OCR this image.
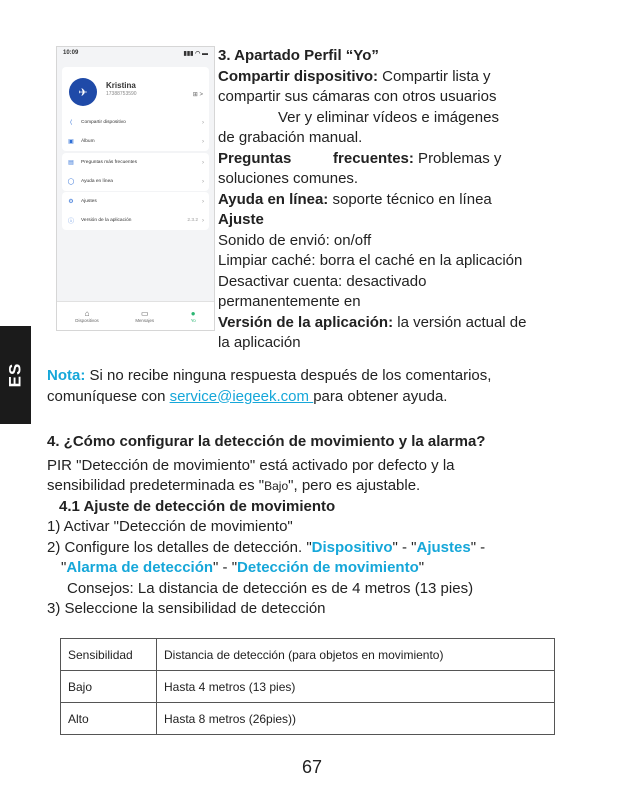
ES
10:09	▮▮▮ ◠ ▬
✈
Kristina
17388753590	⊞ >
⟨	Compartir dispositivo	›
▣ Álbum	›
▤ Preguntas más frecuentes	›
◯ Ayuda en línea	›
⚙ Ajustes	›
ⓘ Versión de la aplicación	2.3.2 ›
⌂
Dispositivos
▭
Mensajes
●
Yo

3. Apartado Perfil “Yo”

Compartir dispositivo: Compartir lista y

compartir sus cámaras con otros usuarios

Ver y eliminar vídeos e imágenes

de grabación manual.

Preguntas          frecuentes: Problemas y

soluciones comunes.

Ayuda en línea: soporte técnico en línea

Ajuste

Sonido de envió: on/off

Limpiar caché: borra el caché en la aplicación

Desactivar cuenta: desactivado

permanentemente en

Versión de la aplicación: la versión actual de

la aplicación

Nota: Si no recibe ninguna respuesta después de los comentarios,

comuníquese con service@iegeek.com para obtener ayuda.

4. ¿Cómo configurar la detección de movimiento y la alarma?

PIR "Detección de movimiento" está activado por defecto y la

sensibilidad predeterminada es "Bajo", pero es ajustable.

4.1 Ajuste de detección de movimiento

1) Activar "Detección de movimiento"

2) Configure los detalles de detección. "Dispositivo" - "Ajustes" -

"Alarma de detección" - "Detección de movimiento"

Consejos: La distancia de detección es de 4 metros (13 pies)

3) Seleccione la sensibilidad de detección

Sensibilidad	Distancia de detección (para objetos en movimiento)
Bajo	Hasta 4 metros (13 pies)
Alto	Hasta 8 metros (26pies))
67
